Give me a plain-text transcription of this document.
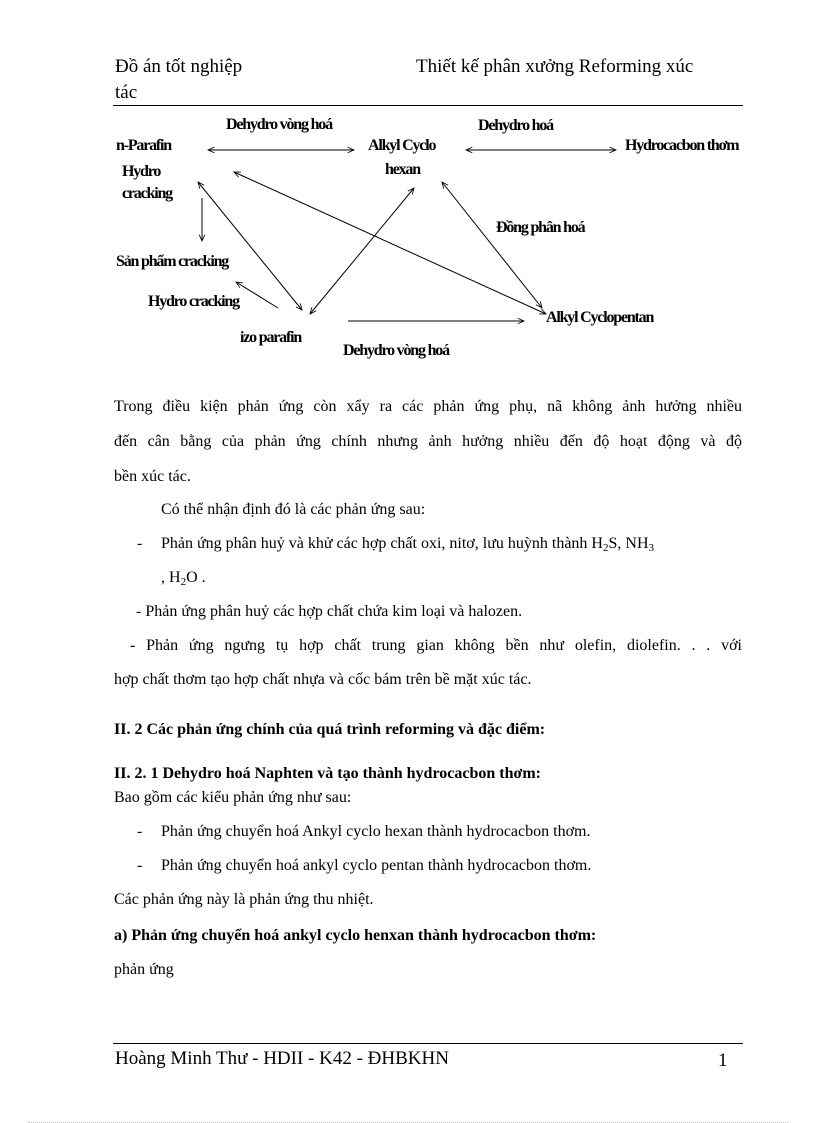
Đồ án tốt nghiệp	Thiết kế phân xưởng Reforming xúc
tác
Dehydro vòng hoá
n-Parafin
Hydro
cracking
Alkyl Cyclo
hexan
Dehydro hoá
Hydrocacbon thơm
Đồng phân hoá
Sản phẩm cracking
Hydro cracking
izo parafin
Alkyl Cyclopentan
Dehydro vòng hoá
Trong điều kiện phản ứng còn xẩy ra các phản ứng phụ, nã không ảnh hưởng nhiều
đến cân bằng của phản ứng chính nhưng ảnh hưởng nhiều đến độ hoạt động và độ
bền xúc tác.
Có thể nhận định đó là các phản ứng sau:
- Phản ứng phân huỷ và khử các hợp chất oxi, nitơ, lưu huỳnh thành $H_2S$, $NH_3$
, $H_2O$ .
- Phản ứng phân huỷ các hợp chất chứa kim loại và halozen.
- Phản ứng ngưng tụ hợp chất trung gian không bền như olefin, diolefin. . . với
hợp chất thơm tạo hợp chất nhựa và cốc bám trên bề mặt xúc tác.
II. 2 Các phản ứng chính của quá trình reforming và đặc điểm:
II. 2. 1 Dehydro hoá Naphten và tạo thành hydrocacbon thơm:
Bao gồm các kiểu phản ứng như sau:
- Phản ứng chuyển hoá Ankyl cyclo hexan thành hydrocacbon thơm.
- Phản ứng chuyển hoá ankyl cyclo pentan thành hydrocacbon thơm.
Các phản ứng này là phản ứng thu nhiệt.
a) Phản ứng chuyển hoá ankyl cyclo henxan thành hydrocacbon thơm:
phản ứng
Hoàng Minh Thư - HDII - K42 - ĐHBKHN	1
